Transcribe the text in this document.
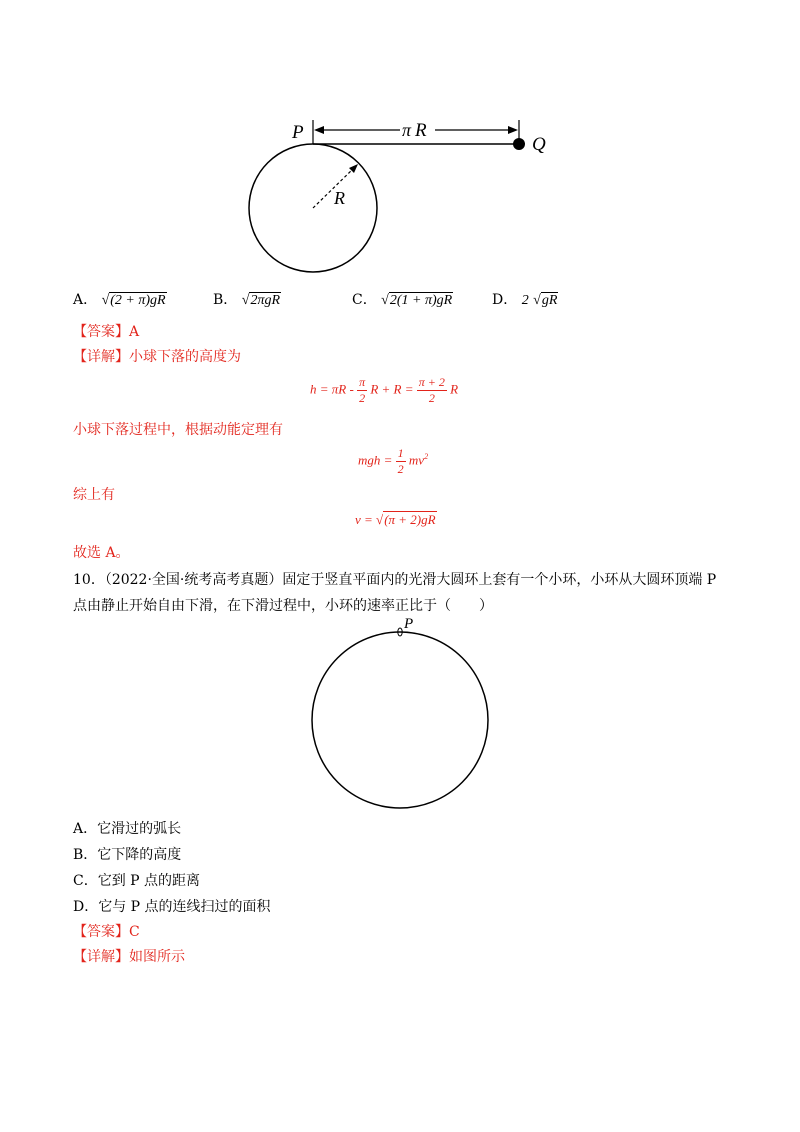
P	π R
Q
R
A． √(2 + π)gR	B． √2πgR	C． √2(1 + π)gR	D． 2 √gR
【答案】A
【详解】小球下落的高度为
$h = \pi R - \frac{\pi}{2}$ $R + R = \frac{\pi + 2}{2}$ R
小球下落过程中，根据动能定理有
mgh = $\frac{1}{2} mv^2$
综上有
v = √(π + 2)gR
故选 A。
10．（2022·全国·统考高考真题）固定于竖直平面内的光滑大圆环上套有一个小环，小环从大圆环顶端 P
点由静止开始自由下滑，在下滑过程中，小环的速率正比于（　　）
P
A．它滑过的弧长
B．它下降的高度
C．它到 P 点的距离
D．它与 P 点的连线扫过的面积
【答案】C
【详解】如图所示
